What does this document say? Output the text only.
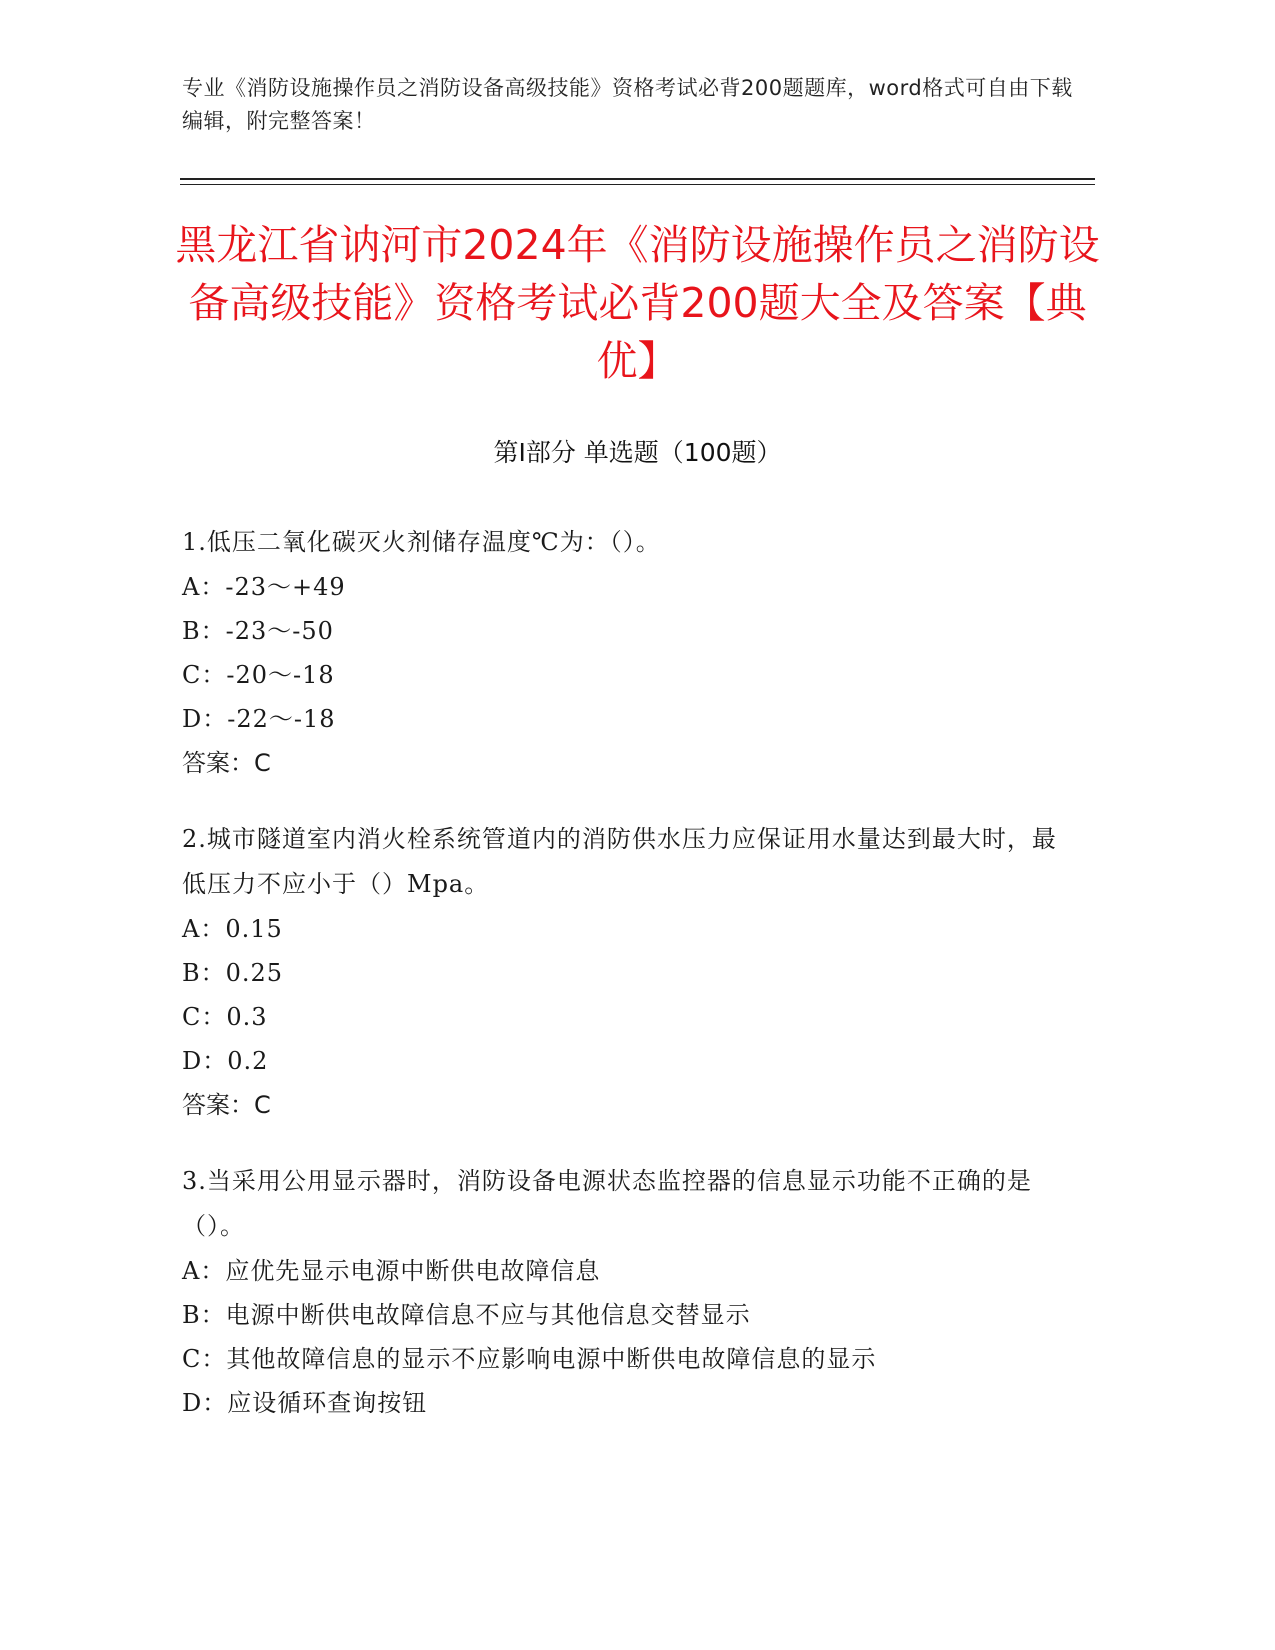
专业《消防设施操作员之消防设备高级技能》资格考试必背200题题库，word格式可自由下载编辑，附完整答案！
黑龙江省讷河市2024年《消防设施操作员之消防设备高级技能》资格考试必背200题大全及答案【典优】
第Ⅰ部分 单选题（100题）

1.低压二氧化碳灭火剂储存温度℃为：（）。

A：-23～+49

B：-23～-50

C：-20～-18

D：-22～-18

答案：C

2.城市隧道室内消火栓系统管道内的消防供水压力应保证用水量达到最大时，最低压力不应小于（）Mpa。

A：0.15

B：0.25

C：0.3

D：0.2

答案：C

3.当采用公用显示器时，消防设备电源状态监控器的信息显示功能不正确的是（）。

A：应优先显示电源中断供电故障信息

B：电源中断供电故障信息不应与其他信息交替显示

C：其他故障信息的显示不应影响电源中断供电故障信息的显示

D：应设循环查询按钮
